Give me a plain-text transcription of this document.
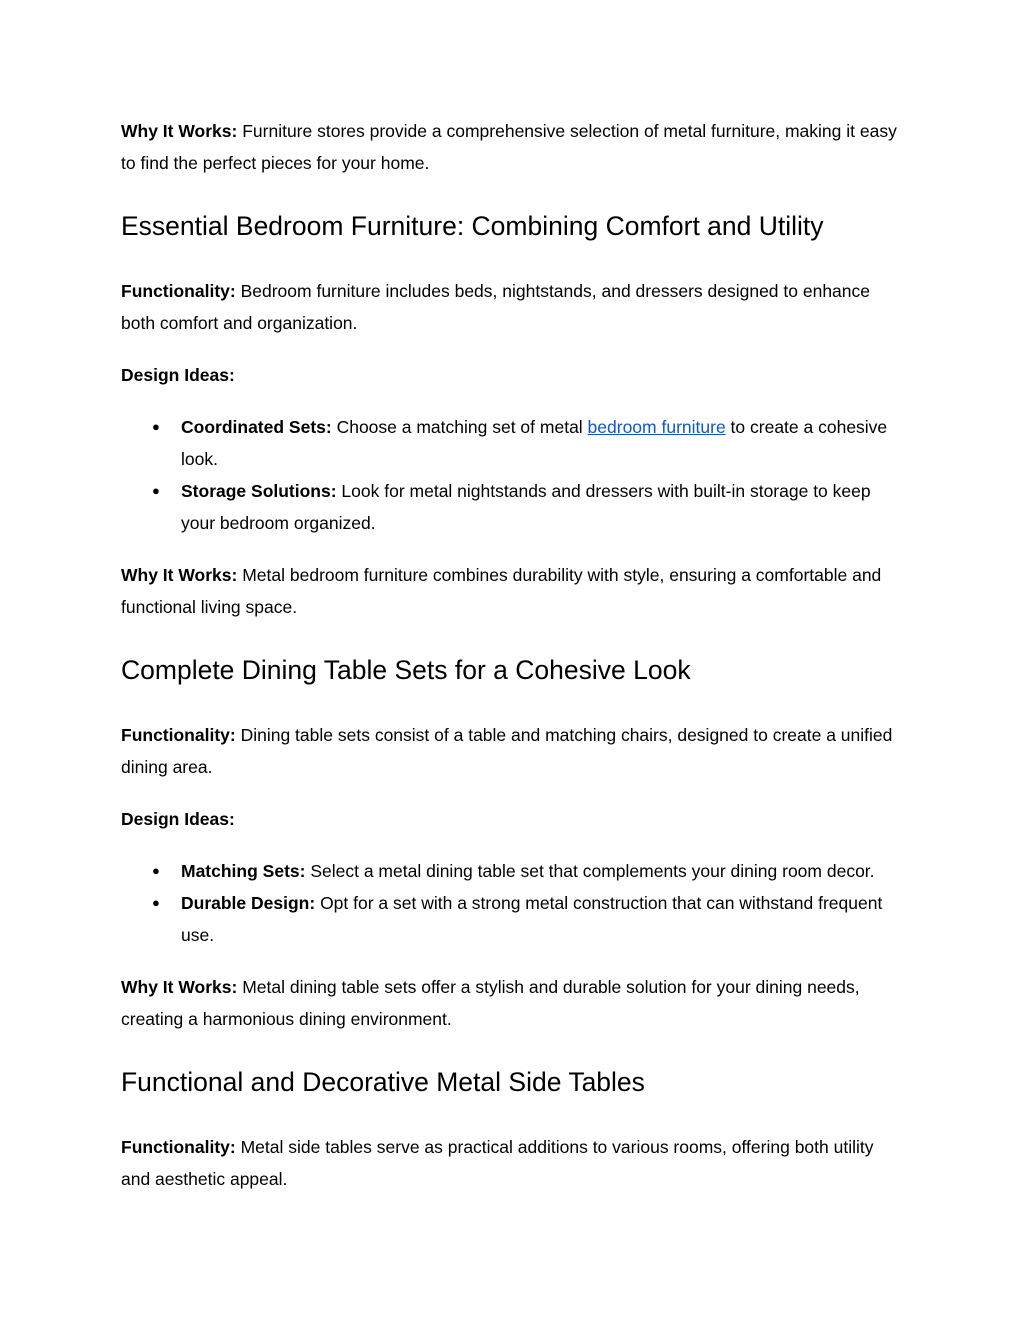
Why It Works: Furniture stores provide a comprehensive selection of metal furniture, making it easy to find the perfect pieces for your home.

Essential Bedroom Furniture: Combining Comfort and Utility

Functionality: Bedroom furniture includes beds, nightstands, and dressers designed to enhance both comfort and organization.

Design Ideas:

● Coordinated Sets: Choose a matching set of metal bedroom furniture to create a cohesive look.
● Storage Solutions: Look for metal nightstands and dressers with built-in storage to keep your bedroom organized.

Why It Works: Metal bedroom furniture combines durability with style, ensuring a comfortable and functional living space.

Complete Dining Table Sets for a Cohesive Look

Functionality: Dining table sets consist of a table and matching chairs, designed to create a unified dining area.

Design Ideas:

● Matching Sets: Select a metal dining table set that complements your dining room decor.
● Durable Design: Opt for a set with a strong metal construction that can withstand frequent use.

Why It Works: Metal dining table sets offer a stylish and durable solution for your dining needs, creating a harmonious dining environment.

Functional and Decorative Metal Side Tables

Functionality: Metal side tables serve as practical additions to various rooms, offering both utility and aesthetic appeal.
